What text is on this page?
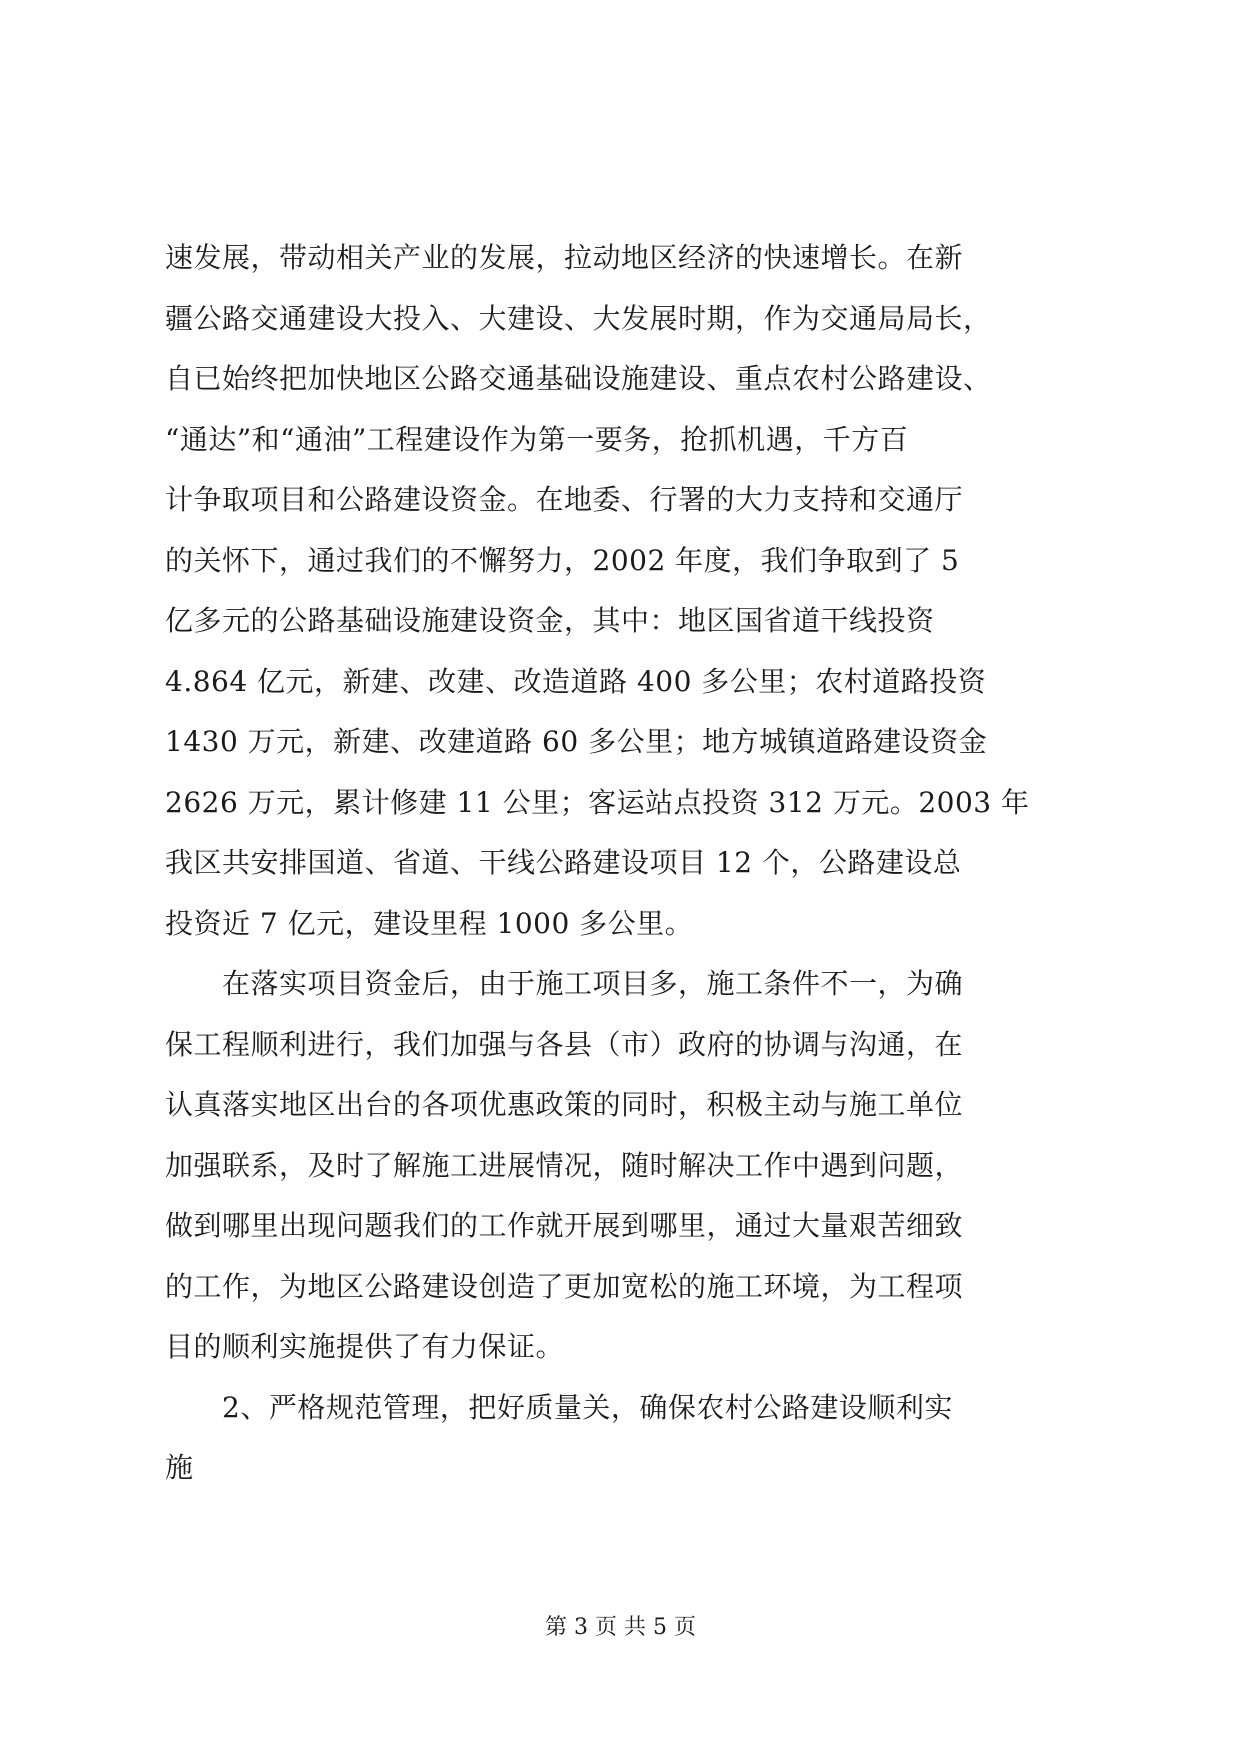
速发展，带动相关产业的发展，拉动地区经济的快速增长。在新
疆公路交通建设大投入、大建设、大发展时期，作为交通局局长，
自已始终把加快地区公路交通基础设施建设、重点农村公路建设、
“通达”和“通油”工程建设作为第一要务，抢抓机遇，千方百
计争取项目和公路建设资金。在地委、行署的大力支持和交通厅
的关怀下，通过我们的不懈努力，2002 年度，我们争取到了 5
亿多元的公路基础设施建设资金，其中：地区国省道干线投资
4.864 亿元，新建、改建、改造道路 400 多公里；农村道路投资
1430 万元，新建、改建道路 60 多公里；地方城镇道路建设资金
2626 万元，累计修建 11 公里；客运站点投资 312 万元。2003 年
我区共安排国道、省道、干线公路建设项目 12 个，公路建设总
投资近 7 亿元，建设里程 1000 多公里。
　　在落实项目资金后，由于施工项目多，施工条件不一，为确
保工程顺利进行，我们加强与各县（市）政府的协调与沟通，在
认真落实地区出台的各项优惠政策的同时，积极主动与施工单位
加强联系，及时了解施工进展情况，随时解决工作中遇到问题，
做到哪里出现问题我们的工作就开展到哪里，通过大量艰苦细致
的工作，为地区公路建设创造了更加宽松的施工环境，为工程项
目的顺利实施提供了有力保证。
　　2、严格规范管理，把好质量关，确保农村公路建设顺利实
施
第 3 页 共 5 页
